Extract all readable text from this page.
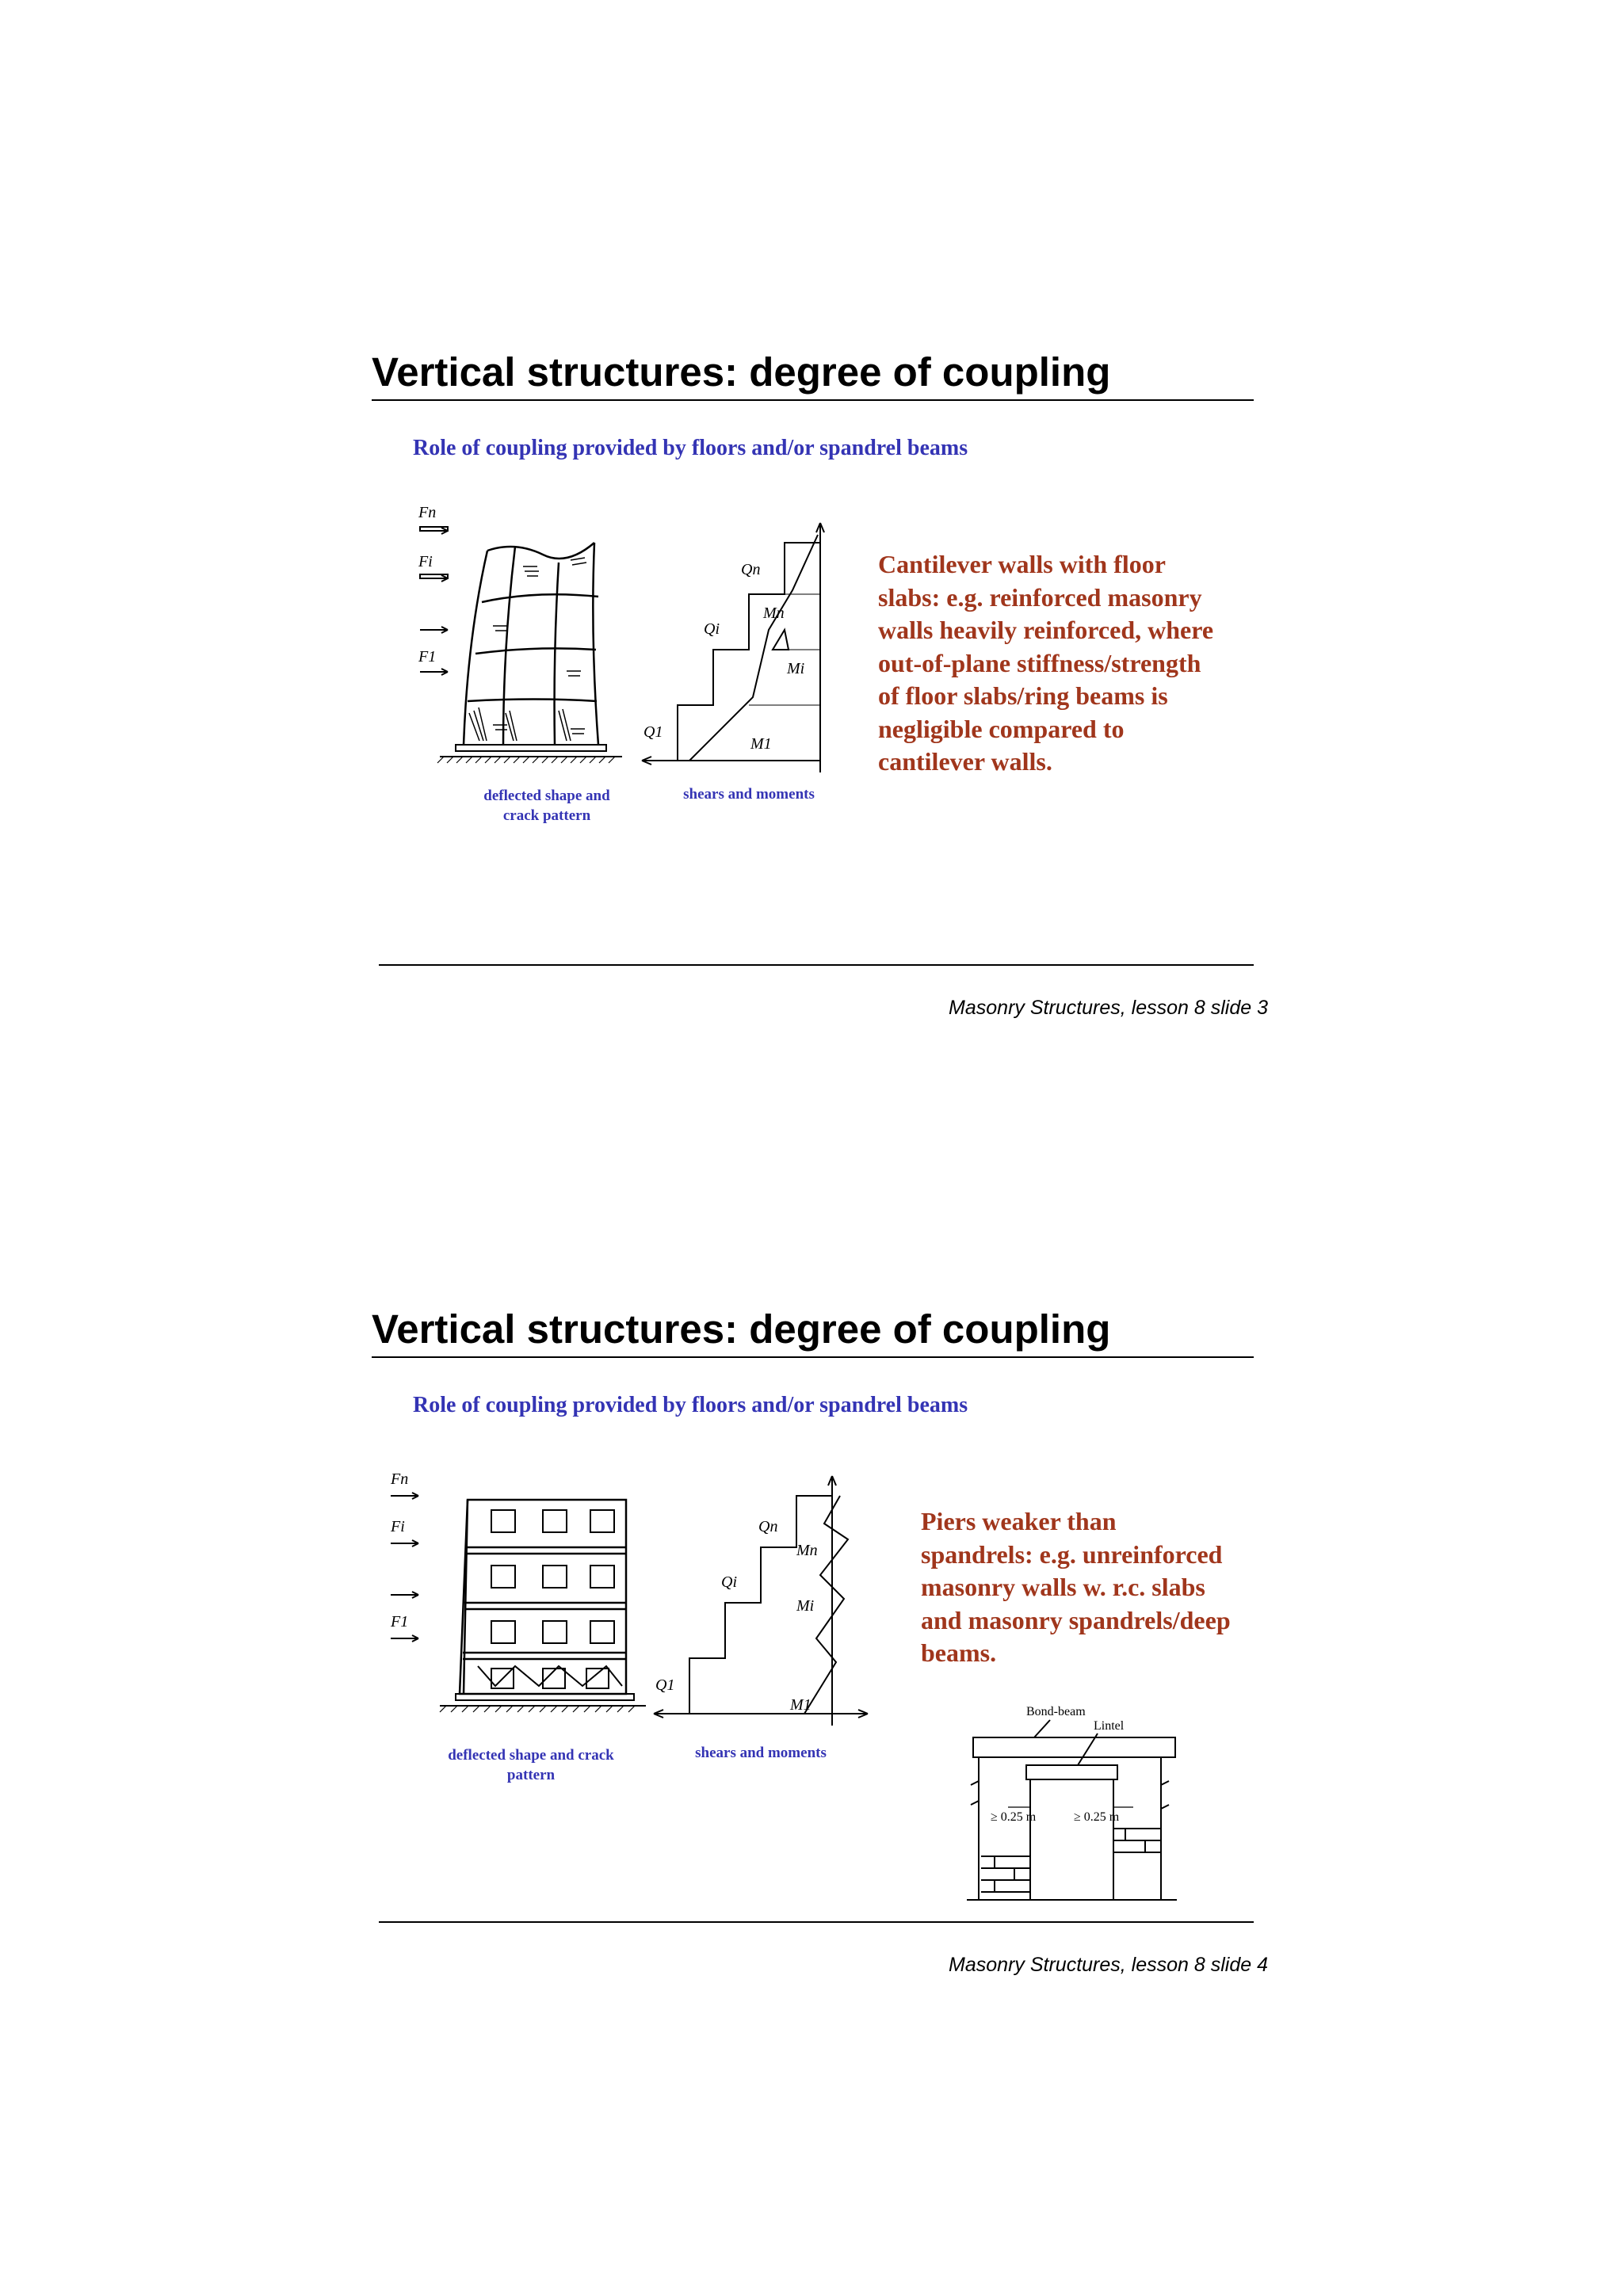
Vertical structures: degree of coupling
Role of coupling provided by floors and/or spandrel beams
Fn
Fi
F1
deflected shape and
crack pattern
Qn
Qi
Q1
Mn
Mi
M1
shears and moments
Cantilever walls with floor
slabs: e.g. reinforced masonry
walls heavily reinforced, where
out-of-plane stiffness/strength
of floor slabs/ring beams is
negligible compared to
cantilever walls.
Masonry Structures, lesson 8 slide 3
Vertical structures: degree of coupling
Role of coupling provided by floors and/or spandrel beams
Fn
Fi
F1
deflected shape and crack
pattern
Qn
Qi
Q1
Mn
Mi
M1
shears and moments
Piers weaker than
spandrels: e.g. unreinforced
masonry walls w. r.c. slabs
and masonry spandrels/deep
beams.
Bond-beam
Lintel
≥ 0.25 m	≥ 0.25 m
Masonry Structures, lesson 8 slide 4
